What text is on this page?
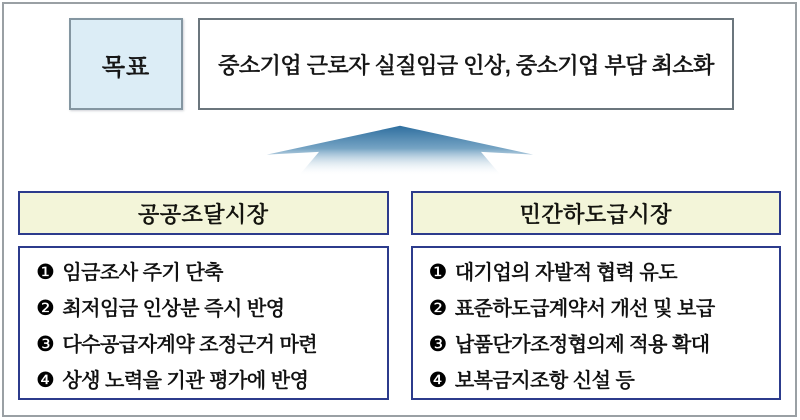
목표	중소기업 근로자 실질임금 인상, 중소기업 부담 최소화
공공조달시장
❶ 임금조사 주기 단축
❷ 최저임금 인상분 즉시 반영
❸ 다수공급자계약 조정근거 마련
❹ 상생 노력을 기관 평가에 반영
민간하도급시장
❶ 대기업의 자발적 협력 유도
❷ 표준하도급계약서 개선 및 보급
❸ 납품단가조정협의제 적용 확대
❹ 보복금지조항 신설 등
